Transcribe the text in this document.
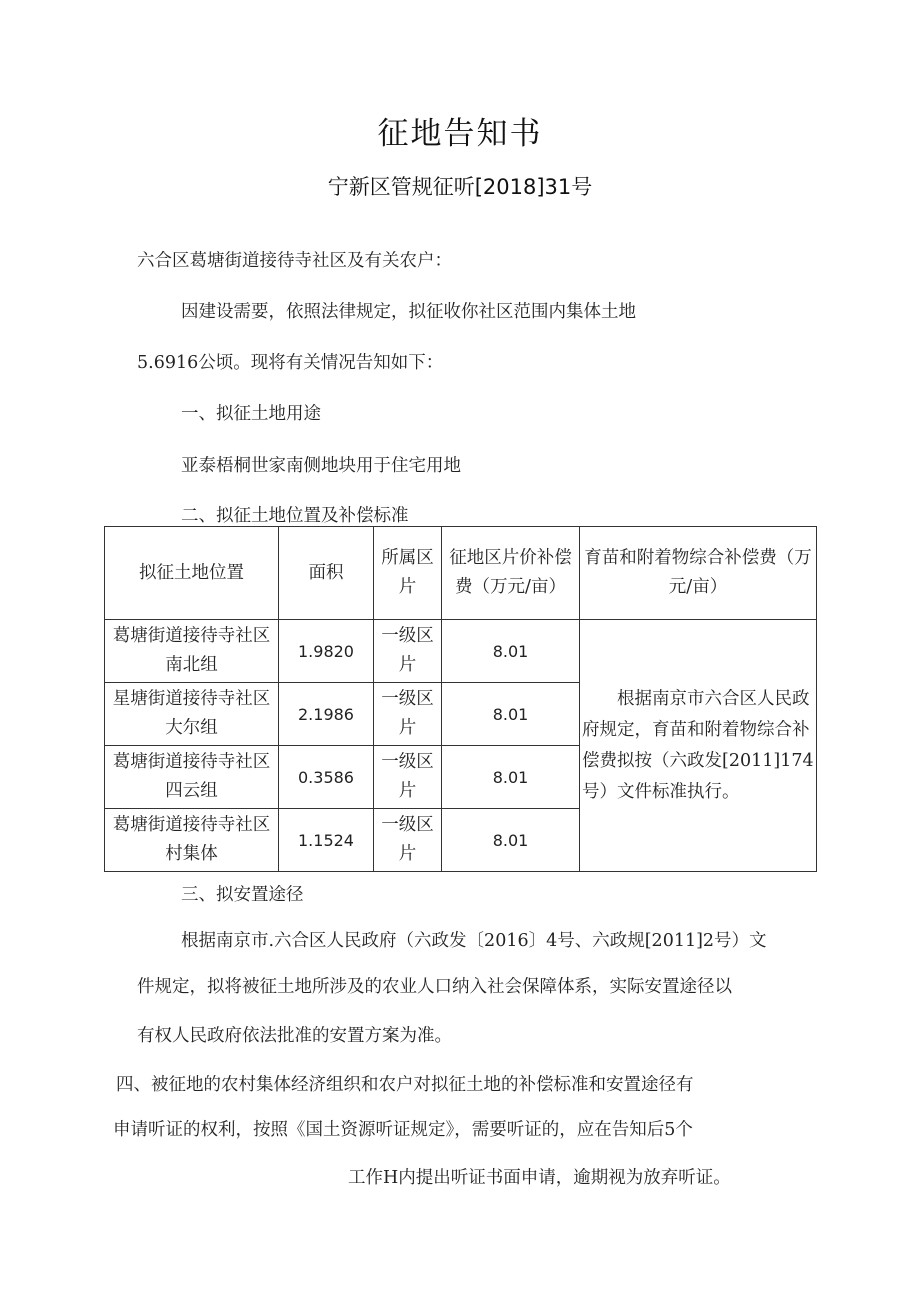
征地告知书
宁新区管规征听[2018]31号
六合区葛塘街道接待寺社区及有关农户：
因建设需要，依照法律规定，拟征收你社区范围内集体土地
5.6916公顷。现将有关情况告知如下：
一、拟征土地用途
亚泰梧桐世家南侧地块用于住宅用地
二、拟征土地位置及补偿标准
拟征土地位置	面积	所属区片	征地区片价补偿费（万元/亩）	育苗和附着物综合补偿费（万元/亩）
葛塘街道接待寺社区南北组	1.9820	一级区片	8.01	根据南京市六合区人民政府规定，育苗和附着物综合补偿费拟按（六政发[2011]174号）文件标准执行。

星塘街道接待寺社区大尔组	2.1986	一级区片	8.01	
葛塘街道接待寺社区四云组	0.3586	一级区片	8.01	
葛塘街道接待寺社区村集体	1.1524	一级区片	8.01	
三、拟安置途径
根据南京市.六合区人民政府（六政发〔2016〕4号、六政规[2011]2号）文
件规定，拟将被征土地所涉及的农业人口纳入社会保障体系，实际安置途径以
有权人民政府依法批准的安置方案为准。
四、被征地的农村集体经济组织和农户对拟征土地的补偿标准和安置途径有
申请听证的权利，按照《国土资源听证规定》，需要听证的，应在告知后5个
工作H内提出听证书面申请，逾期视为放弃听证。
